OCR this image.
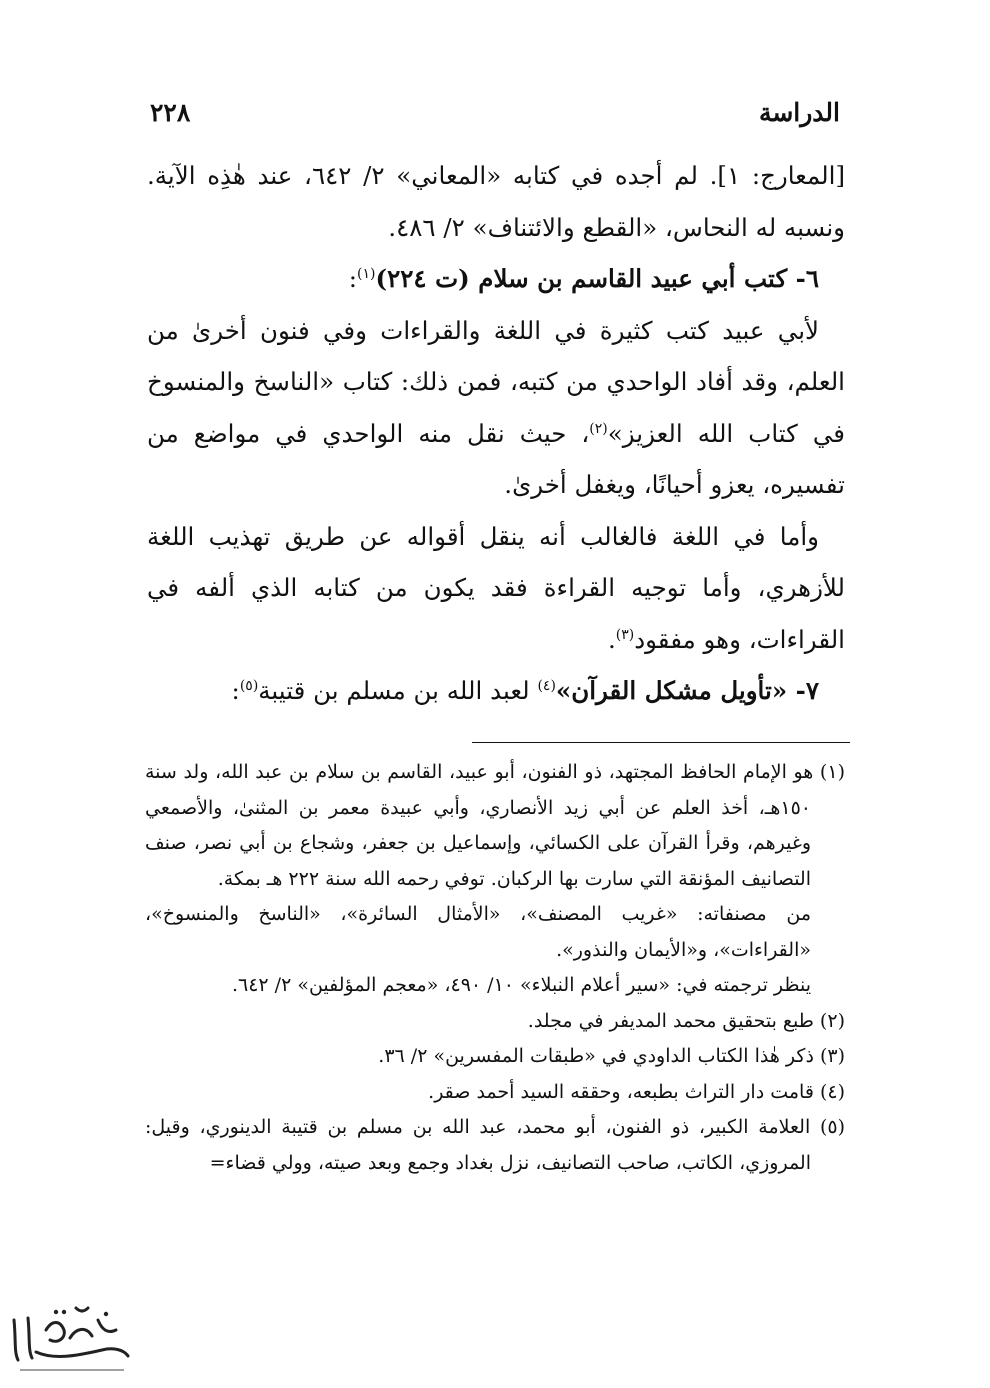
الدراسة
٢٢٨

[المعارج: ١]. لم أجده في كتابه «المعاني» ٢/ ٦٤٢، عند هٰذِه الآية. ونسبه له النحاس، «القطع والائتناف» ٢/ ٤٨٦.

٦- كتب أبي عبيد القاسم بن سلام (ت ٢٢٤)$^{(١)}$:

لأبي عبيد كتب كثيرة في اللغة والقراءات وفي فنون أخرىٰ من العلم، وقد أفاد الواحدي من كتبه، فمن ذلك: كتاب «الناسخ والمنسوخ في كتاب الله العزيز»$^{(٢)}$، حيث نقل منه الواحدي في مواضع من تفسيره، يعزو أحيانًا، ويغفل أخرىٰ.

وأما في اللغة فالغالب أنه ينقل أقواله عن طريق تهذيب اللغة للأزهري، وأما توجيه القراءة فقد يكون من كتابه الذي ألفه في القراءات، وهو مفقود$^{(٣)}$.

٧- «تأويل مشكل القرآن»$^{(٤)}$ لعبد الله بن مسلم بن قتيبة$^{(٥)}$:

(١) هو الإمام الحافظ المجتهد، ذو الفنون، أبو عبيد، القاسم بن سلام بن عبد الله، ولد سنة ١٥٠هـ، أخذ العلم عن أبي زيد الأنصاري، وأبي عبيدة معمر بن المثنىٰ، والأصمعي وغيرهم، وقرأ القرآن على الكسائي، وإسماعيل بن جعفر، وشجاع بن أبي نصر، صنف التصانيف المؤنقة التي سارت بها الركبان. توفي رحمه الله سنة ٢٢٢ هـ بمكة.

من مصنفاته: «غريب المصنف»، «الأمثال السائرة»، «الناسخ والمنسوخ»، «القراءات»، و«الأيمان والنذور».

ينظر ترجمته في: «سير أعلام النبلاء» ١٠/ ٤٩٠، «معجم المؤلفين» ٢/ ٦٤٢.

(٢) طبع بتحقيق محمد المديفر في مجلد.

(٣) ذكر هٰذا الكتاب الداودي في «طبقات المفسرين» ٢/ ٣٦.

(٤) قامت دار التراث بطبعه، وحققه السيد أحمد صقر.

(٥) العلامة الكبير، ذو الفنون، أبو محمد، عبد الله بن مسلم بن قتيبة الدينوري، وقيل: المروزي، الكاتب، صاحب التصانيف، نزل بغداد وجمع وبعد صيته، وولي قضاء=
